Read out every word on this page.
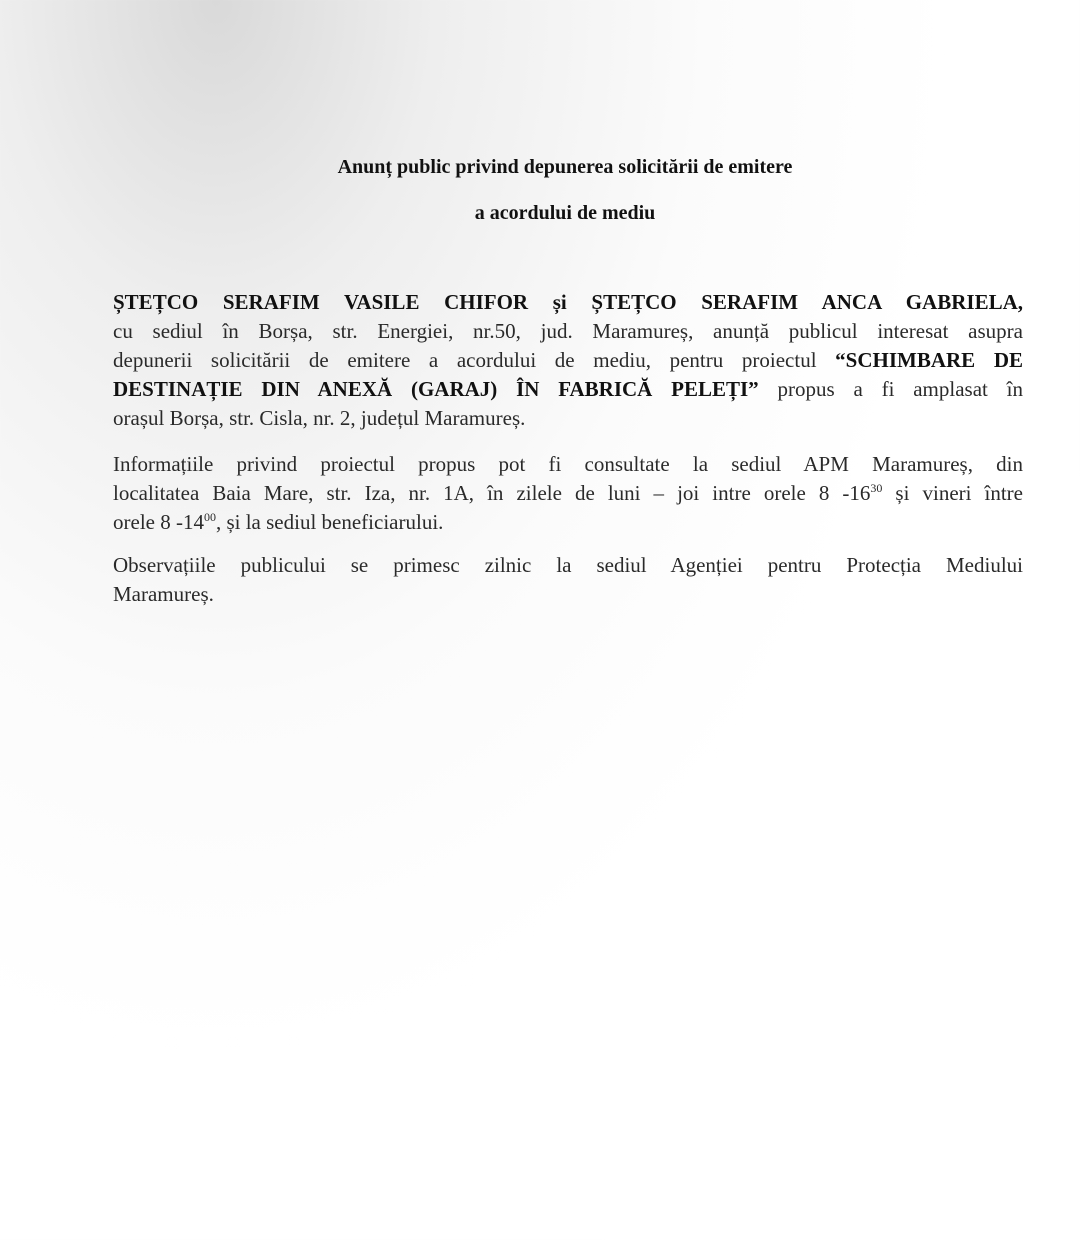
Anunț public privind depunerea solicitării de emitere
a acordului de mediu
ȘTEȚCO SERAFIM VASILE CHIFOR și ȘTEȚCO SERAFIM ANCA GABRIELA,
cu sediul în Borșa, str. Energiei, nr.50, jud. Maramureș, anunță publicul interesat asupra
depunerii solicitării de emitere a acordului de mediu, pentru proiectul “SCHIMBARE DE
DESTINAȚIE DIN ANEXĂ (GARAJ) ÎN FABRICĂ PELEȚI” propus a fi amplasat în
orașul Borșa, str. Cisla, nr. 2, județul Maramureș.
Informațiile privind proiectul propus pot fi consultate la sediul APM Maramureș, din
localitatea Baia Mare, str. Iza, nr. 1A, în zilele de luni – joi intre orele 8 $-16^{30}$ și vineri între
orele 8 $-14^{00}$, și la sediul beneficiarului.
Observațiile publicului se primesc zilnic la sediul Agenției pentru Protecția Mediului
Maramureș.
